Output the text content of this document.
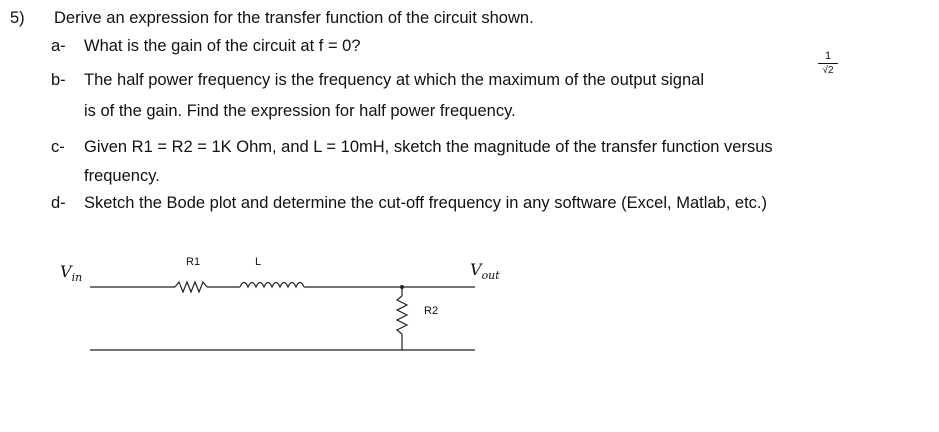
5) Derive an expression for the transfer function of the circuit shown.
a- What is the gain of the circuit at f = 0?
b- The half power frequency is the frequency at which the maximum of the output signal
1
√2
is of the gain. Find the expression for half power frequency.
c- Given R1 = R2 = 1K Ohm, and L = 10mH, sketch the magnitude of the transfer function versus
frequency.
d- Sketch the Bode plot and determine the cut-off frequency in any software (Excel, Matlab, etc.)
$V_{in}$	$V_{out}$
R1	L
R2
